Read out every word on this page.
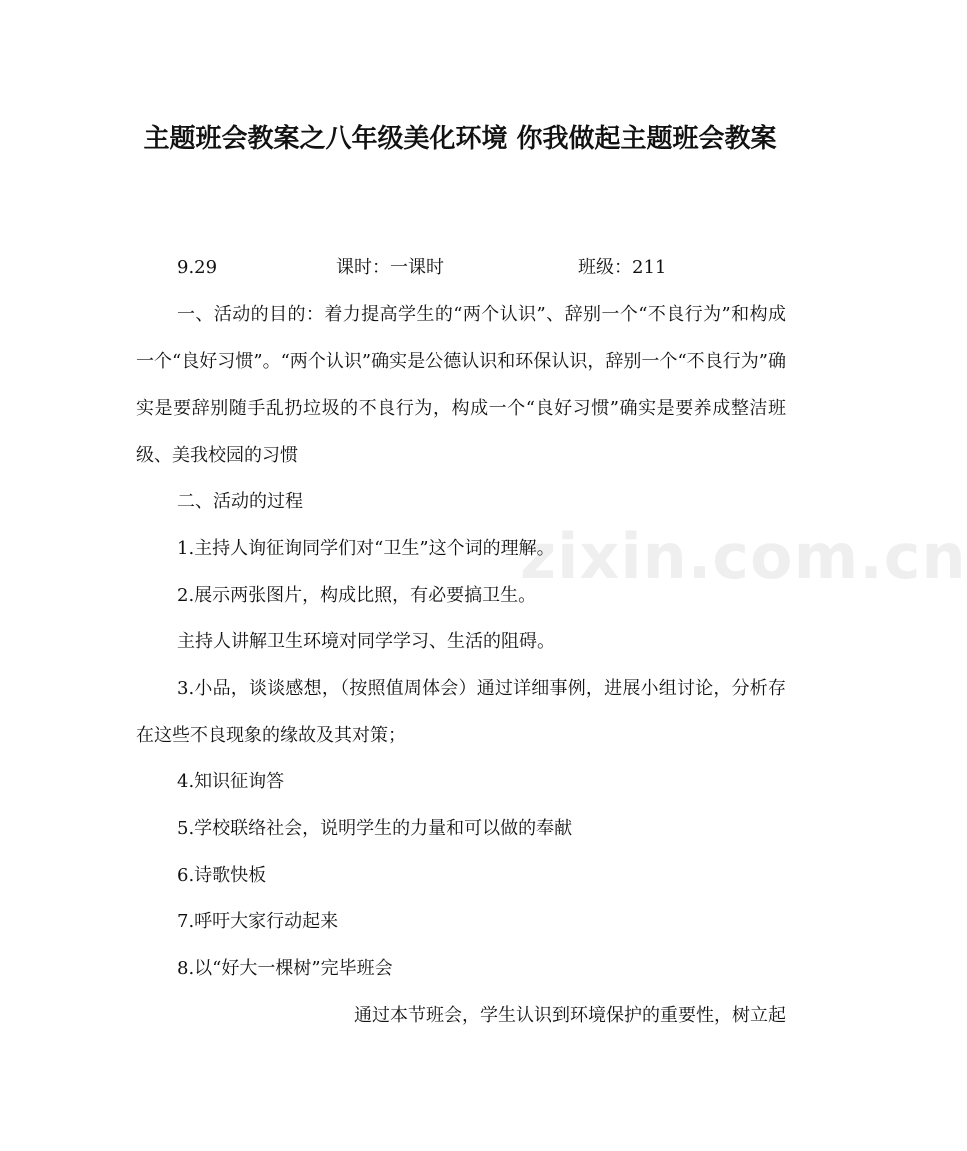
zixin.com.cn
主题班会教案之八年级美化环境 你我做起主题班会教案
9.29	课时：一课时	班级：211

一、活动的目的：着力提高学生的“两个认识”、辞别一个“不良行为”和构成一个“良好习惯”。“两个认识”确实是公德认识和环保认识，辞别一个“不良行为”确实是要辞别随手乱扔垃圾的不良行为，构成一个“良好习惯”确实是要养成整洁班级、美我校园的习惯

二、活动的过程

1.主持人询征询同学们对“卫生”这个词的理解。

2.展示两张图片，构成比照，有必要搞卫生。

主持人讲解卫生环境对同学学习、生活的阻碍。

3.小品，谈谈感想，（按照值周体会）通过详细事例，进展小组讨论，分析存在这些不良现象的缘故及其对策；

4.知识征询答

5.学校联络社会，说明学生的力量和可以做的奉献

6.诗歌快板

7.呼吁大家行动起来

8.以“好大一棵树”完毕班会

通过本节班会，学生认识到环境保护的重要性，树立起
